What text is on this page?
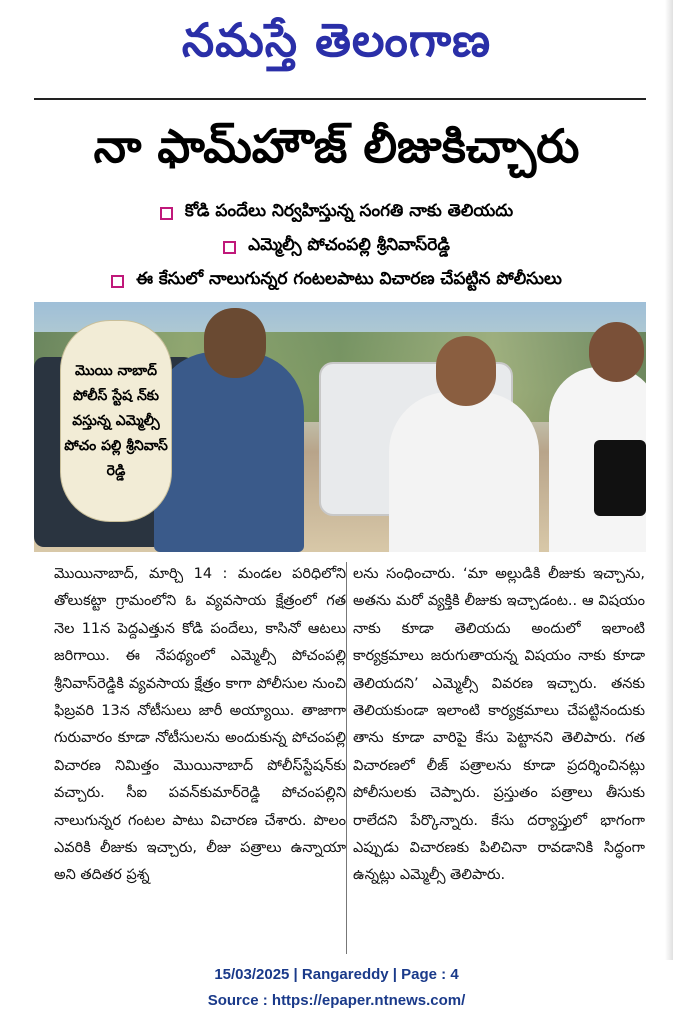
నమస్తే తెలంగాణ
నా ఫామ్‌హౌజ్ లీజుకిచ్చారు
కోడి పందేలు నిర్వహిస్తున్న సంగతి నాకు తెలియదు
ఎమ్మెల్సీ పోచంపల్లి శ్రీనివాస్‌రెడ్డి
ఈ కేసులో నాలుగున్నర గంటలపాటు విచారణ చేపట్టిన పోలీసులు
మొయి నాబాద్ పోలీస్ స్టేష న్‌కు వస్తున్న ఎమ్మెల్సీ పోచం పల్లి శ్రీనివాస్ రెడ్డి
మొయినాబాద్, మార్చి 14 : మండల పరిధిలోని తోలుకట్టా గ్రామంలోని ఓ వ్యవసాయ క్షేత్రంలో గత నెల 11న పెద్దఎత్తున కోడి పందేలు, కాసినో ఆటలు జరిగాయి. ఈ నేపథ్యంలో ఎమ్మెల్సీ పోచంపల్లి శ్రీనివాస్‌రెడ్డికి వ్యవసాయ క్షేత్రం కాగా పోలీసుల నుంచి ఫిబ్రవరి 13న నోటీసులు జారీ అయ్యాయి. తాజాగా గురువారం కూడా నోటీసులను అందుకున్న పోచంపల్లి విచారణ నిమిత్తం మొయినాబాద్ పోలీస్‌స్టేషన్‌కు వచ్చారు. సీఐ పవన్‌కుమార్‌రెడ్డి పోచంపల్లిని నాలుగున్నర గంటల పాటు విచారణ చేశారు. పొలం ఎవరికి లీజుకు ఇచ్చారు, లీజు పత్రాలు ఉన్నాయా అని తదితర ప్రశ్న
లను సంధించారు. ‘మా అల్లుడికి లీజుకు ఇచ్చాను, అతను మరో వ్యక్తికి లీజుకు ఇచ్చాడంట.. ఆ విషయం నాకు కూడా తెలియదు అందులో ఇలాంటి కార్యక్రమాలు జరుగుతాయన్న విషయం నాకు కూడా తెలియదని’ ఎమ్మెల్సీ వివరణ ఇచ్చారు. తనకు తెలియకుండా ఇలాంటి కార్యక్రమాలు చేపట్టినందుకు తాను కూడా వారిపై కేసు పెట్టానని తెలిపారు. గత విచారణలో లీజ్ పత్రాలను కూడా ప్రదర్శించినట్లు పోలీసులకు చెప్పారు. ప్రస్తుతం పత్రాలు తీసుకు రాలేదని పేర్కొన్నారు. కేసు దర్యాప్తులో భాగంగా ఎప్పుడు విచారణకు పిలిచినా రావడానికి సిద్ధంగా ఉన్నట్లు ఎమ్మెల్సీ తెలిపారు.
15/03/2025 | Rangareddy | Page : 4
Source : https://epaper.ntnews.com/
